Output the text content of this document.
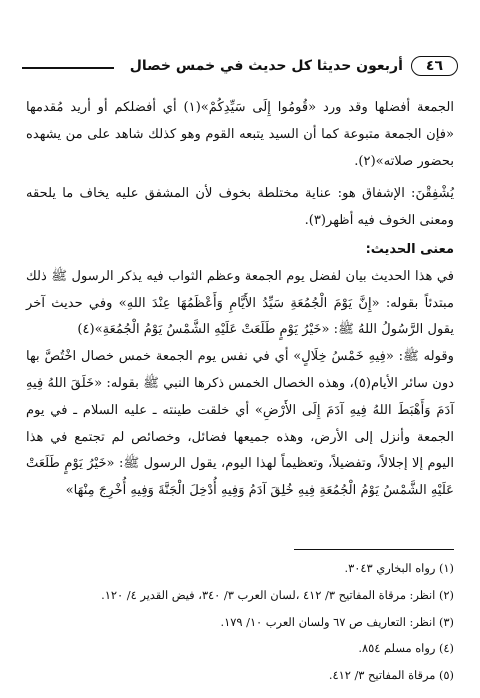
٤٦
أربعون حديثا كل حديث في خمس خصال

الجمعة أفضلها وقد ورد «قُومُوا إِلَى سَيِّدِكُمْ»(١) أي أفضلكم أو أريد مُقدمها «فإن الجمعة متبوعة كما أن السيد يتبعه القوم وهو كذلك شاهد على من يشهده بحضور صلاته»(٢).

يُشْفِقْنَ: الإشفاق هو: عناية مختلطة بخوف لأن المشفق عليه يخاف ما يلحقه ومعنى الخوف فيه أظهر(٣).

معنى الحديث:

في هذا الحديث بيان لفضل يوم الجمعة وعظم الثواب فيه يذكر الرسول ﷺ ذلك مبتدئاً بقوله: «إِنَّ يَوْمَ الْجُمُعَةِ سَيِّدُ الأَيَّامِ وَأَعْظَمُهَا عِنْدَ اللهِ» وفي حديث آخر يقول الرَّسُولُ اللهُ ﷺ: «خَيْرُ يَوْمٍ طَلَعَتْ عَلَيْهِ الشَّمْسُ يَوْمُ الْجُمُعَةِ»(٤)

وقوله ﷺ: «فِيهِ خَمْسُ خِلَالٍ» أي في نفس يوم الجمعة خمس خصال اخْتُصَّ بها دون سائر الأيام(٥)، وهذه الخصال الخمس ذكرها النبي ﷺ بقوله: «خَلَقَ اللهُ فِيهِ آدَمَ وَأَهْبَطَ اللهُ فِيهِ آدَمَ إِلَى الأَرْضِ» أي خلقت طينته ـ عليه السلام ـ في يوم الجمعة وأنزل إلى الأرض، وهذه جميعها فضائل، وخصائص لم تجتمع في هذا اليوم إلا إجلالاً، وتفضيلاً، وتعظيماً لهذا اليوم، يقول الرسول ﷺ: «خَيْرُ يَوْمٍ طَلَعَتْ عَلَيْهِ الشَّمْسُ يَوْمُ الْجُمُعَةِ فِيهِ خُلِقَ آدَمُ وَفِيهِ أُدْخِلَ الْجَنَّةَ وَفِيهِ أُخْرِجَ مِنْهَا»

(١) رواه البخاري ٣٠٤٣.
(٢) انظر: مرقاة المفاتيح ٣/ ٤١٢ ،لسان العرب ٣/ ٣٤٠، فيض القدير ٤/ ١٢٠.
(٣) انظر: التعاريف ص ٦٧ ولسان العرب ١٠/ ١٧٩.
(٤) رواه مسلم ٨٥٤.
(٥) مرقاة المفاتيح ٣/ ٤١٢.
